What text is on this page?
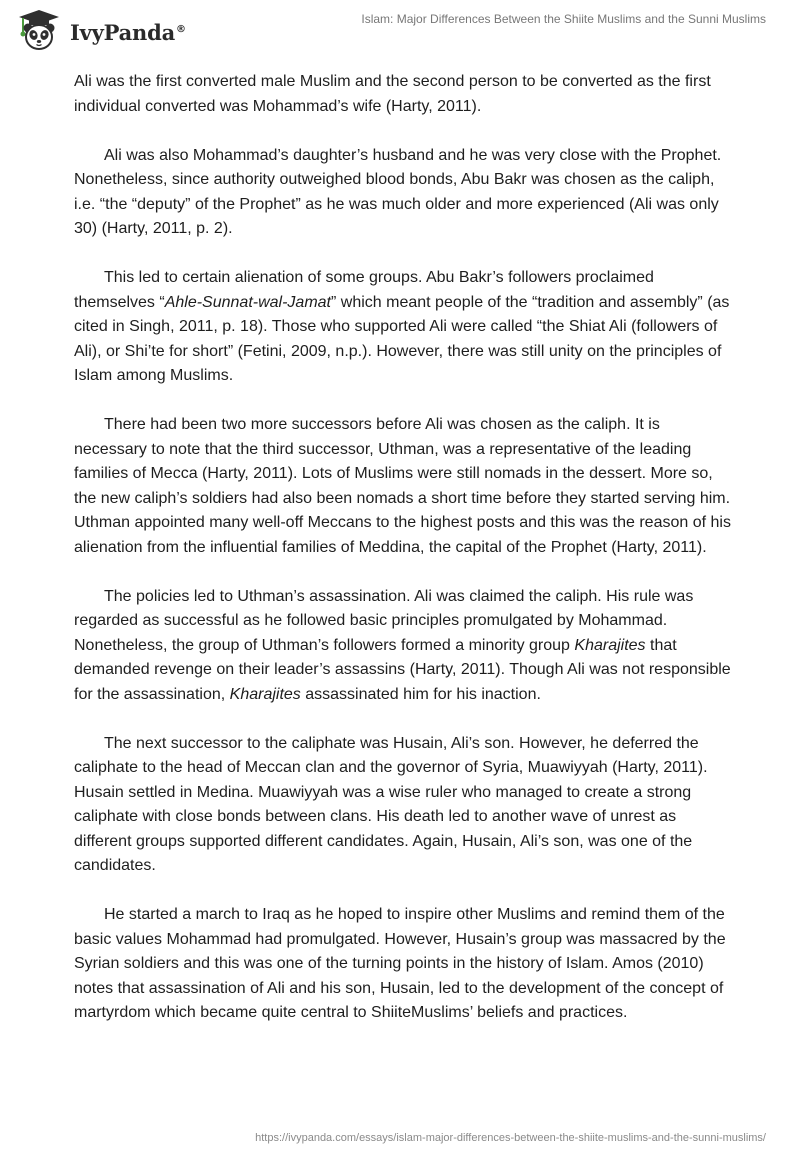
IvyPanda®
Islam: Major Differences Between the Shiite Muslims and the Sunni Muslims

Ali was the first converted male Muslim and the second person to be converted as the first individual converted was Mohammad’s wife (Harty, 2011).

Ali was also Mohammad’s daughter’s husband and he was very close with the Prophet. Nonetheless, since authority outweighed blood bonds, Abu Bakr was chosen as the caliph, i.e. “the “deputy” of the Prophet” as he was much older and more experienced (Ali was only 30) (Harty, 2011, p. 2).

This led to certain alienation of some groups. Abu Bakr’s followers proclaimed themselves “Ahle-Sunnat-wal-Jamat” which meant people of the “tradition and assembly” (as cited in Singh, 2011, p. 18). Those who supported Ali were called “the Shiat Ali (followers of Ali), or Shi’te for short” (Fetini, 2009, n.p.). However, there was still unity on the principles of Islam among Muslims.

There had been two more successors before Ali was chosen as the caliph. It is necessary to note that the third successor, Uthman, was a representative of the leading families of Mecca (Harty, 2011). Lots of Muslims were still nomads in the dessert. More so, the new caliph’s soldiers had also been nomads a short time before they started serving him. Uthman appointed many well-off Meccans to the highest posts and this was the reason of his alienation from the influential families of Meddina, the capital of the Prophet (Harty, 2011).

The policies led to Uthman’s assassination. Ali was claimed the caliph. His rule was regarded as successful as he followed basic principles promulgated by Mohammad. Nonetheless, the group of Uthman’s followers formed a minority group Kharajites that demanded revenge on their leader’s assassins (Harty, 2011). Though Ali was not responsible for the assassination, Kharajites assassinated him for his inaction.

The next successor to the caliphate was Husain, Ali’s son. However, he deferred the caliphate to the head of Meccan clan and the governor of Syria, Muawiyyah (Harty, 2011). Husain settled in Medina. Muawiyyah was a wise ruler who managed to create a strong caliphate with close bonds between clans. His death led to another wave of unrest as different groups supported different candidates. Again, Husain, Ali’s son, was one of the candidates.

He started a march to Iraq as he hoped to inspire other Muslims and remind them of the basic values Mohammad had promulgated. However, Husain’s group was massacred by the Syrian soldiers and this was one of the turning points in the history of Islam. Amos (2010) notes that assassination of Ali and his son, Husain, led to the development of the concept of martyrdom which became quite central to ShiiteMuslims’ beliefs and practices.

https://ivypanda.com/essays/islam-major-differences-between-the-shiite-muslims-and-the-sunni-muslims/
